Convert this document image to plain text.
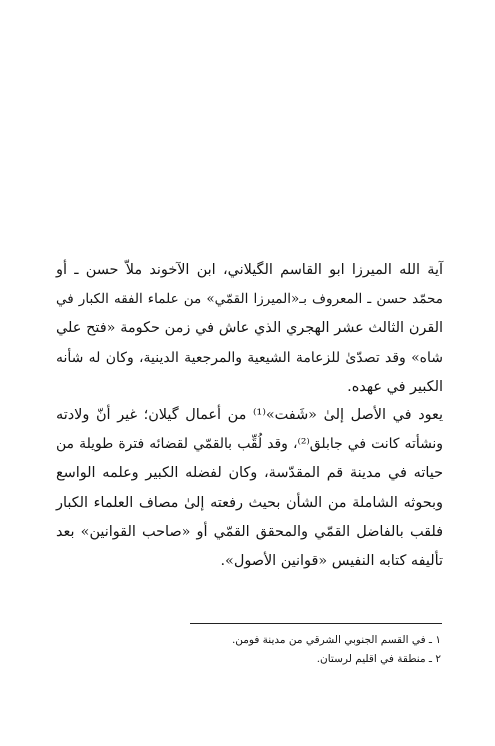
آية الله الميرزا ابو القاسم الگيلاني، ابن الآخوند ملاّ حسن ـ أو
محمّد حسن ـ المعروف بـ«الميرزا القمّي» من علماء الفقه الكبار في
القرن الثالث عشر الهجري الذي عاش في زمن حكومة «فتح علي
شاه» وقد تصدّىٰ للزعامة الشيعية والمرجعية الدينية، وكان له شأنه
الكبير في عهده.

يعود في الأصل إلىٰ «شَفت»⁽¹⁾ من أعمال گيلان؛ غير أنّ ولادته
ونشأته كانت في جابلق⁽²⁾، وقد لُقِّب بالقمّي لقضائه فترة طويلة من
حياته في مدينة قم المقدّسة، وكان لفضله الكبير وعلمه الواسع
وبحوثه الشاملة من الشأن بحيث رفعته إلىٰ مصاف العلماء الكبار
فلقب بالفاضل القمّي والمحقق القمّي أو «صاحب القوانين» بعد
تأليفه كتابه النفيس «قوانين الأصول».

١ ـ في القسم الجنوبي الشرقي من مدينة فومن.
٢ ـ منطقة في اقليم لرستان.
